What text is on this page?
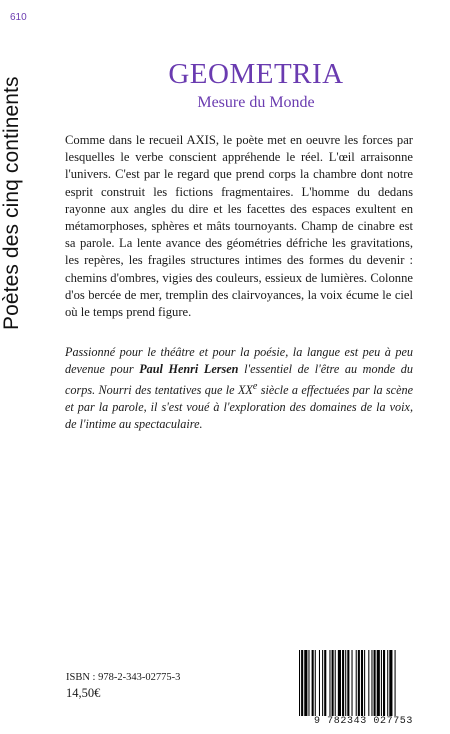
610
Poètes des cinq continents
GEOMETRIA
Mesure du Monde
Comme dans le recueil AXIS, le poète met en oeuvre les forces par lesquelles le verbe conscient appréhende le réel. L'œil arraisonne l'univers. C'est par le regard que prend corps la chambre dont notre esprit construit les fictions fragmentaires. L'homme du dedans rayonne aux angles du dire et les facettes des espaces exultent en métamorphoses, sphères et mâts tournoyants. Champ de cinabre est sa parole. La lente avance des géométries défriche les gravitations, les repères, les fragiles structures intimes des formes du devenir : chemins d'ombres, vigies des couleurs, essieux de lumières. Colonne d'os bercée de mer, tremplin des clairvoyances, la voix écume le ciel où le temps prend figure.
Passionné pour le théâtre et pour la poésie, la langue est peu à peu devenue pour Paul Henri Lersen l'essentiel de l'être au monde du corps. Nourri des tentatives que le XXe siècle a effectuées par la scène et par la parole, il s'est voué à l'exploration des domaines de la voix, de l'intime au spectaculaire.
ISBN : 978-2-343-02775-3
14,50€
9 782343 027753
